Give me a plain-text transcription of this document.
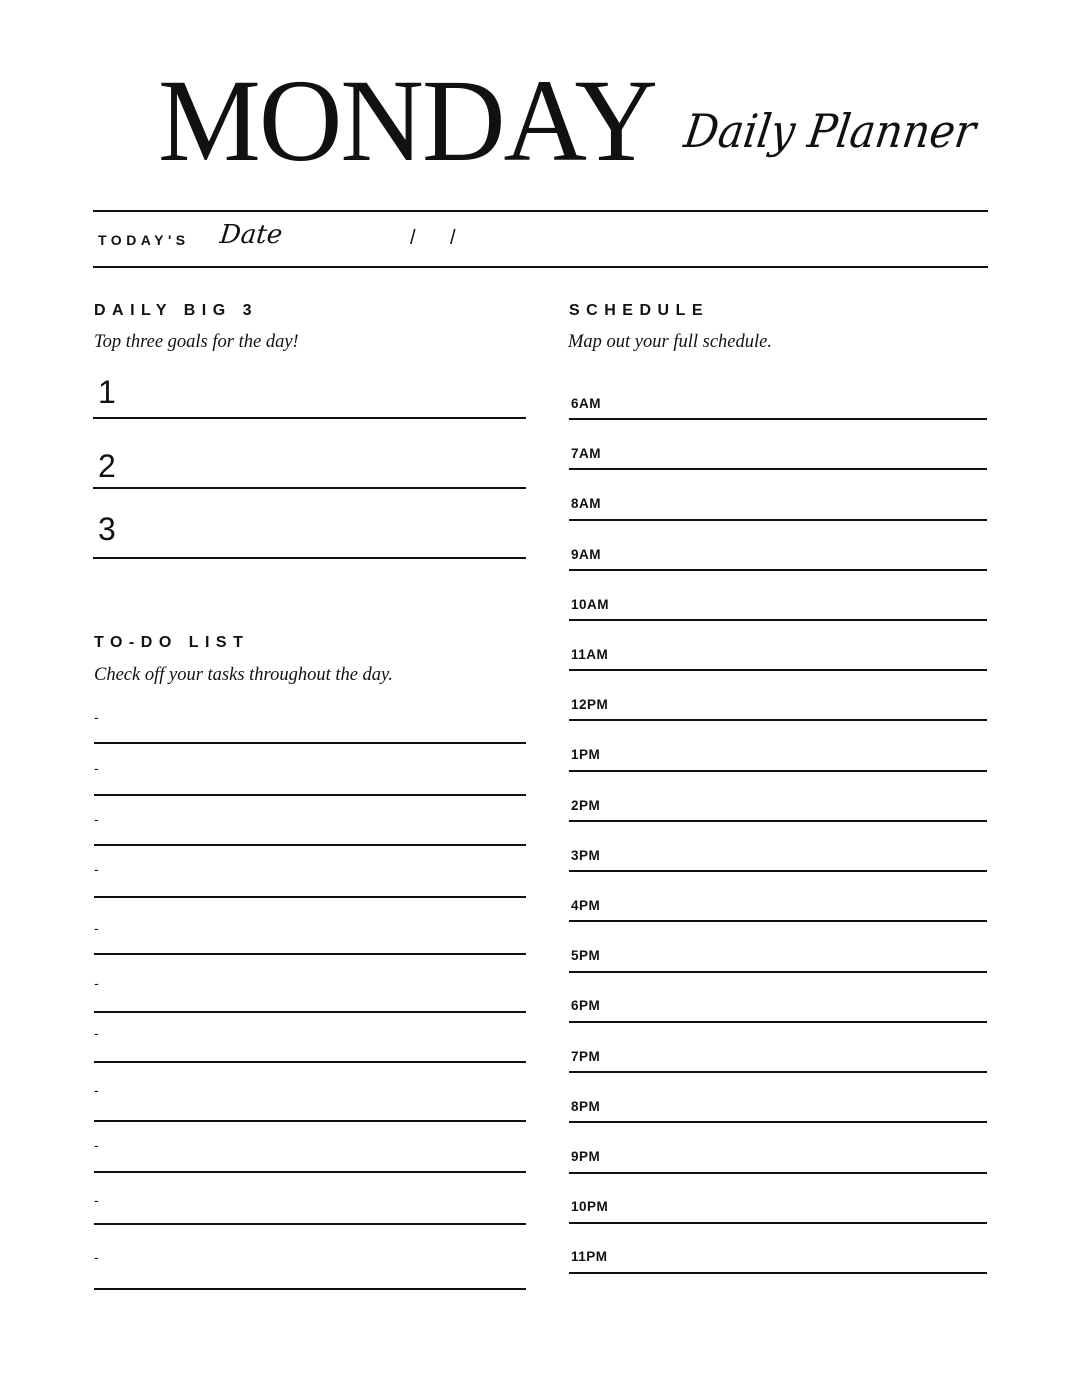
MONDAY Daily Planner
TODAY'S Date	/ /
DAILY BIG 3
Top three goals for the day!
1
2
3
TO-DO LIST
Check off your tasks throughout the day.
-
-
-
-
-
-
-
-
-
-
-
SCHEDULE
Map out your full schedule.
6AM
7AM
8AM
9AM
10AM
11AM
12PM
1PM
2PM
3PM
4PM
5PM
6PM
7PM
8PM
9PM
10PM
11PM
